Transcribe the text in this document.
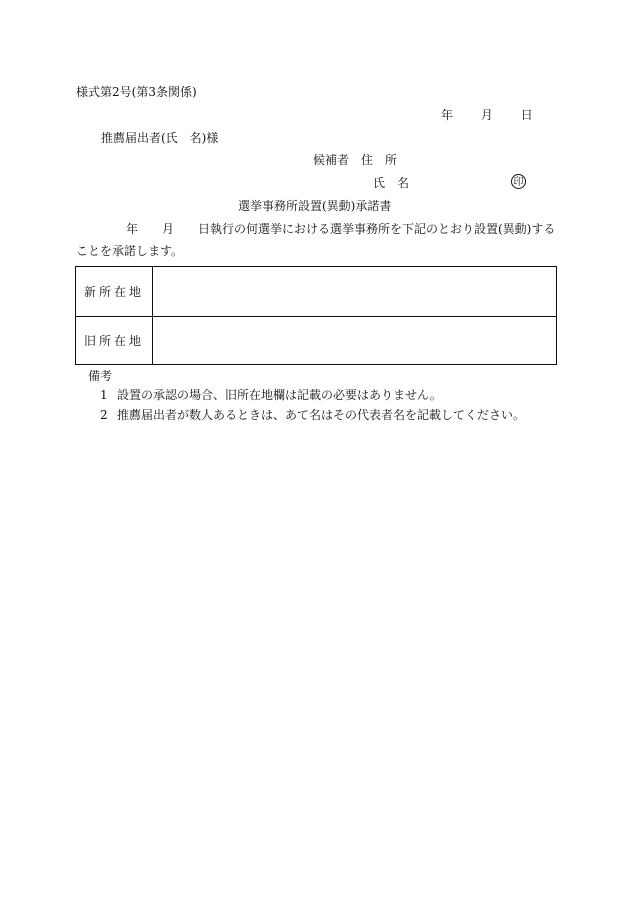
様式第2号(第3条関係)
年 月 日
推薦届出者(氏　名)様
候補者　住　所
氏　名	印
選挙事務所設置(異動)承諾書
年　　月　　日執行の何選挙における選挙事務所を下記のとおり設置(異動)する
ことを承諾します。
新所在地
旧所在地
備考
1 設置の承認の場合、旧所在地欄は記載の必要はありません。
2 推薦届出者が数人あるときは、あて名はその代表者名を記載してください。
